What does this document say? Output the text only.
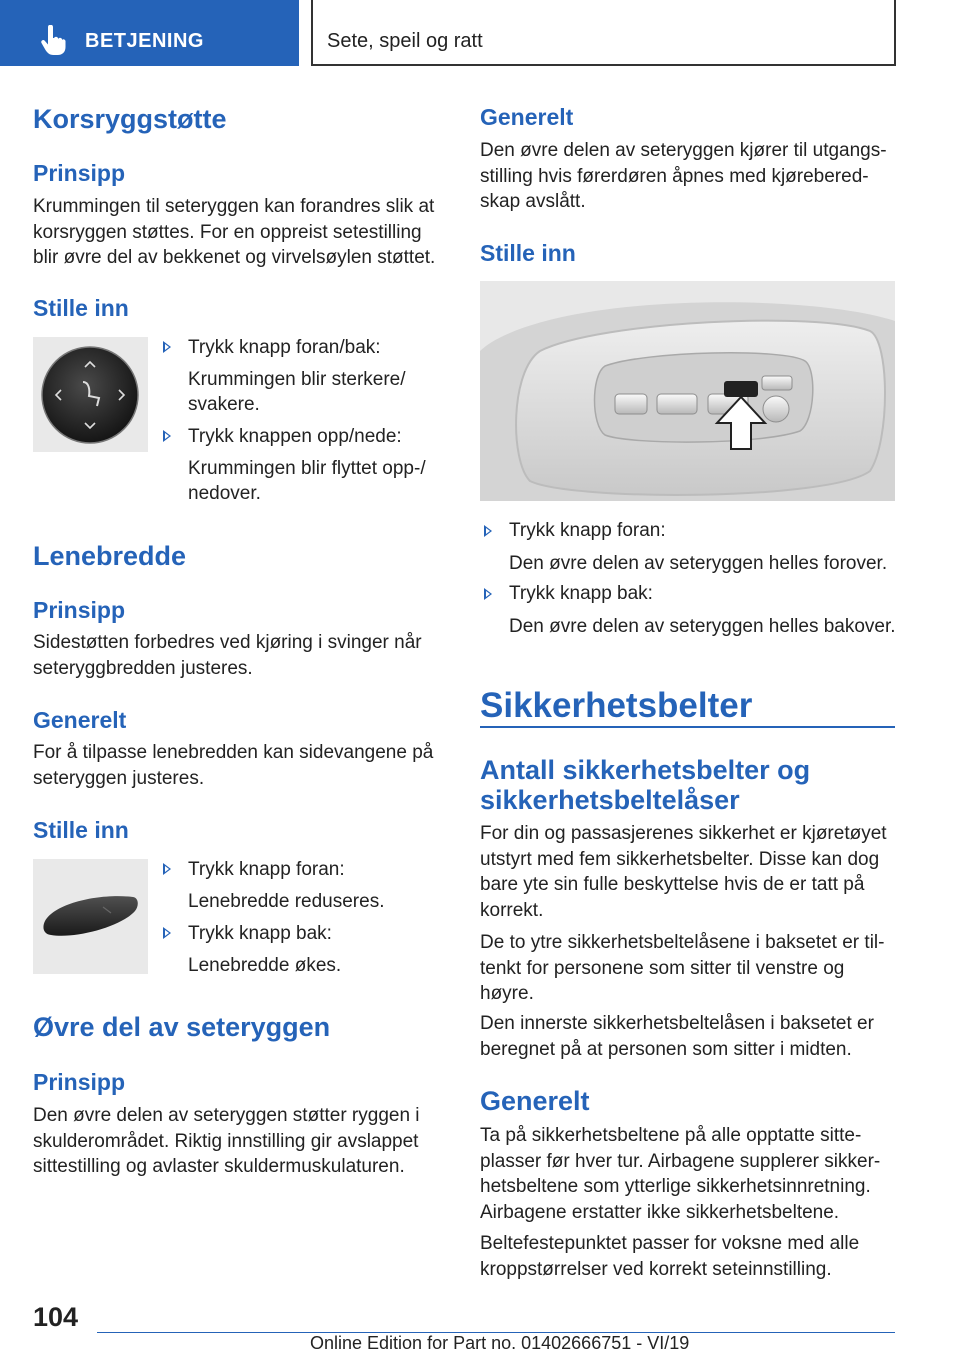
BETJENING	Sete, speil og ratt
Korsryggstøtte
Prinsipp
Krummingen til seteryggen kan forandres slik at
korsryggen støttes. For en oppreist setestilling
blir øvre del av bekkenet og virvelsøylen støttet.
Stille inn
Trykk knapp foran/bak:
Krummingen blir sterkere/
svakere.
Trykk knappen opp/nede:
Krummingen blir flyttet opp-/
nedover.
Lenebredde
Prinsipp
Sidestøtten forbedres ved kjøring i svinger når
seteryggbredden justeres.
Generelt
For å tilpasse lenebredden kan sidevangene på
seteryggen justeres.
Stille inn
Trykk knapp foran:
Lenebredde reduseres.
Trykk knapp bak:
Lenebredde økes.
Øvre del av seteryggen
Prinsipp
Den øvre delen av seteryggen støtter ryggen i
skulderområdet. Riktig innstilling gir avslappet
sittestilling og avlaster skuldermuskulaturen.
Generelt
Den øvre delen av seteryggen kjører til utgangs-
stilling hvis førerdøren åpnes med kjørebered-
skap avslått.
Stille inn
Trykk knapp foran:
Den øvre delen av seteryggen helles forover.
Trykk knapp bak:
Den øvre delen av seteryggen helles bakover.
Sikkerhetsbelter
Antall sikkerhetsbelter og
sikkerhetsbeltelåser
For din og passasjerenes sikkerhet er kjøretøyet
utstyrt med fem sikkerhetsbelter. Disse kan dog
bare yte sin fulle beskyttelse hvis de er tatt på
korrekt.
De to ytre sikkerhetsbeltelåsene i baksetet er til-
tenkt for personene som sitter til venstre og
høyre.
Den innerste sikkerhetsbeltelåsen i baksetet er
beregnet på at personen som sitter i midten.
Generelt
Ta på sikkerhetsbeltene på alle opptatte sitte-
plasser før hver tur. Airbagene supplerer sikker-
hetsbeltene som ytterlige sikkerhetsinnretning.
Airbagene erstatter ikke sikkerhetsbeltene.
Beltefestepunktet passer for voksne med alle
kroppstørrelser ved korrekt seteinnstilling.
104
Online Edition for Part no. 01402666751 - VI/19
